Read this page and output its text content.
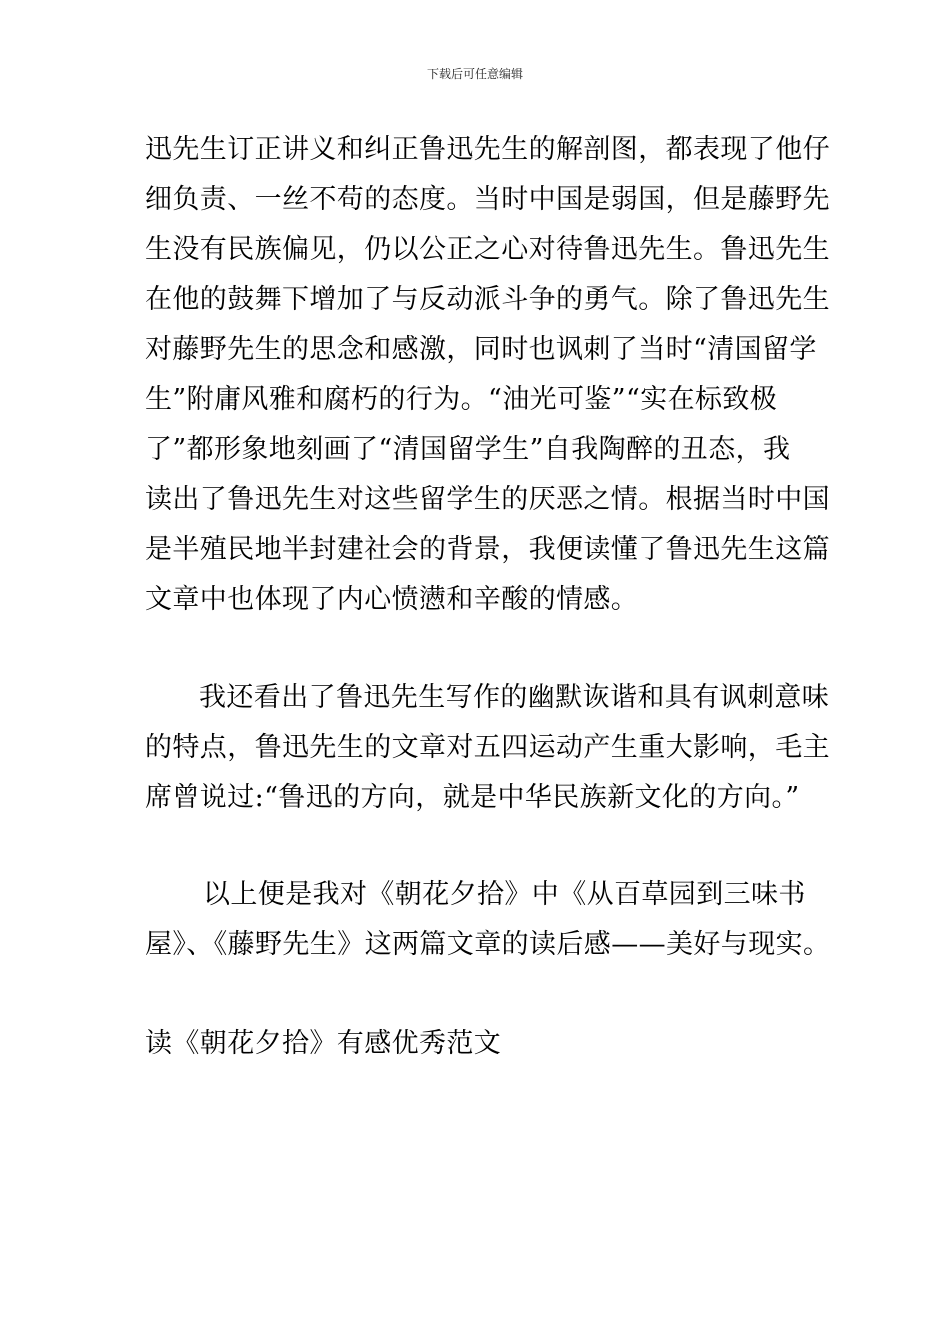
下载后可任意编辑
迅先生订正讲义和纠正鲁迅先生的解剖图，都表现了他仔
细负责、一丝不苟的态度。当时中国是弱国，但是藤野先
生没有民族偏见，仍以公正之心对待鲁迅先生。鲁迅先生
在他的鼓舞下增加了与反动派斗争的勇气。除了鲁迅先生
对藤野先生的思念和感激，同时也讽刺了当时“清国留学
生”附庸风雅和腐朽的行为。“油光可鉴”“实在标致极
了”都形象地刻画了“清国留学生”自我陶醉的丑态，我
读出了鲁迅先生对这些留学生的厌恶之情。根据当时中国
是半殖民地半封建社会的背景，我便读懂了鲁迅先生这篇
文章中也体现了内心愤懑和辛酸的情感。
我还看出了鲁迅先生写作的幽默诙谐和具有讽刺意味
的特点，鲁迅先生的文章对五四运动产生重大影响，毛主
席曾说过:“鲁迅的方向，就是中华民族新文化的方向。”
以上便是我对《朝花夕拾》中《从百草园到三味书
屋》、《藤野先生》这两篇文章的读后感——美好与现实。
读《朝花夕拾》有感优秀范文
